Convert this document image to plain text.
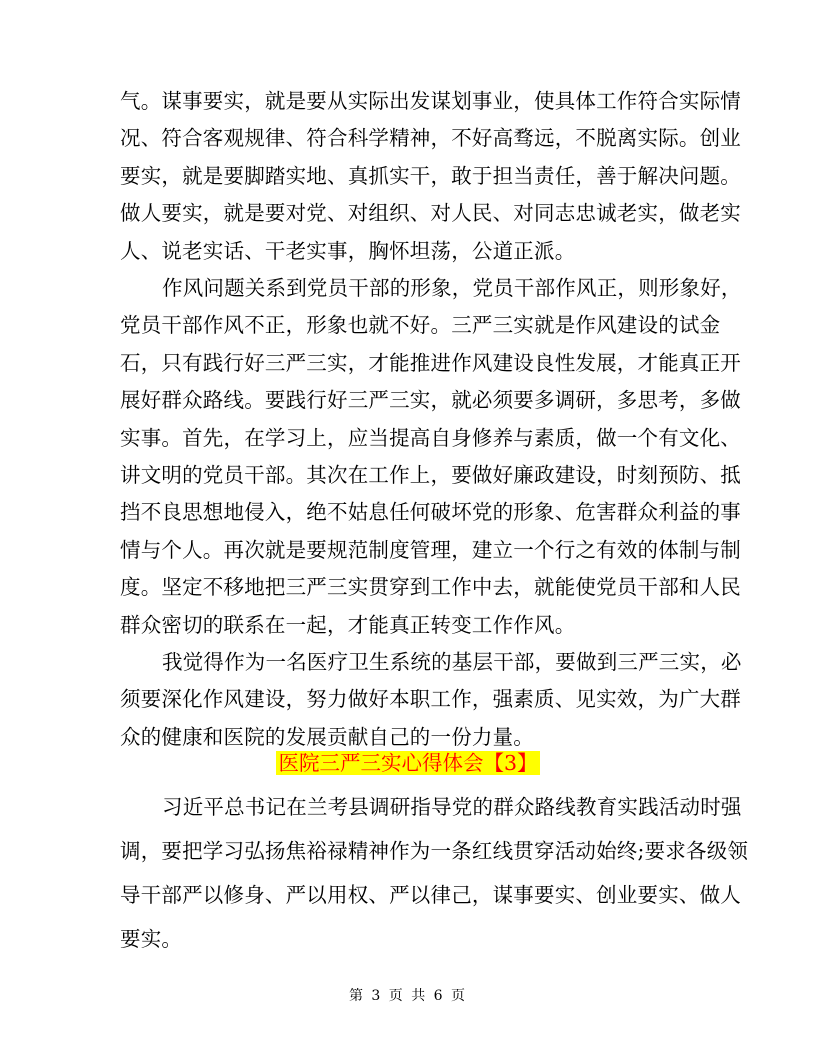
气。谋事要实，就是要从实际出发谋划事业，使具体工作符合实际情
况、符合客观规律、符合科学精神，不好高骛远，不脱离实际。创业
要实，就是要脚踏实地、真抓实干，敢于担当责任，善于解决问题。
做人要实，就是要对党、对组织、对人民、对同志忠诚老实，做老实
人、说老实话、干老实事，胸怀坦荡，公道正派。
作风问题关系到党员干部的形象，党员干部作风正，则形象好，
党员干部作风不正，形象也就不好。三严三实就是作风建设的试金
石，只有践行好三严三实，才能推进作风建设良性发展，才能真正开
展好群众路线。要践行好三严三实，就必须要多调研，多思考，多做
实事。首先，在学习上，应当提高自身修养与素质，做一个有文化、
讲文明的党员干部。其次在工作上，要做好廉政建设，时刻预防、抵
挡不良思想地侵入，绝不姑息任何破坏党的形象、危害群众利益的事
情与个人。再次就是要规范制度管理，建立一个行之有效的体制与制
度。坚定不移地把三严三实贯穿到工作中去，就能使党员干部和人民
群众密切的联系在一起，才能真正转变工作作风。
我觉得作为一名医疗卫生系统的基层干部，要做到三严三实，必
须要深化作风建设，努力做好本职工作，强素质、见实效，为广大群
众的健康和医院的发展贡献自己的一份力量。
医院三严三实心得体会【3】
习近平总书记在兰考县调研指导党的群众路线教育实践活动时强
调，要把学习弘扬焦裕禄精神作为一条红线贯穿活动始终;要求各级领
导干部严以修身、严以用权、严以律己，谋事要实、创业要实、做人
要实。
第 3 页 共 6 页
